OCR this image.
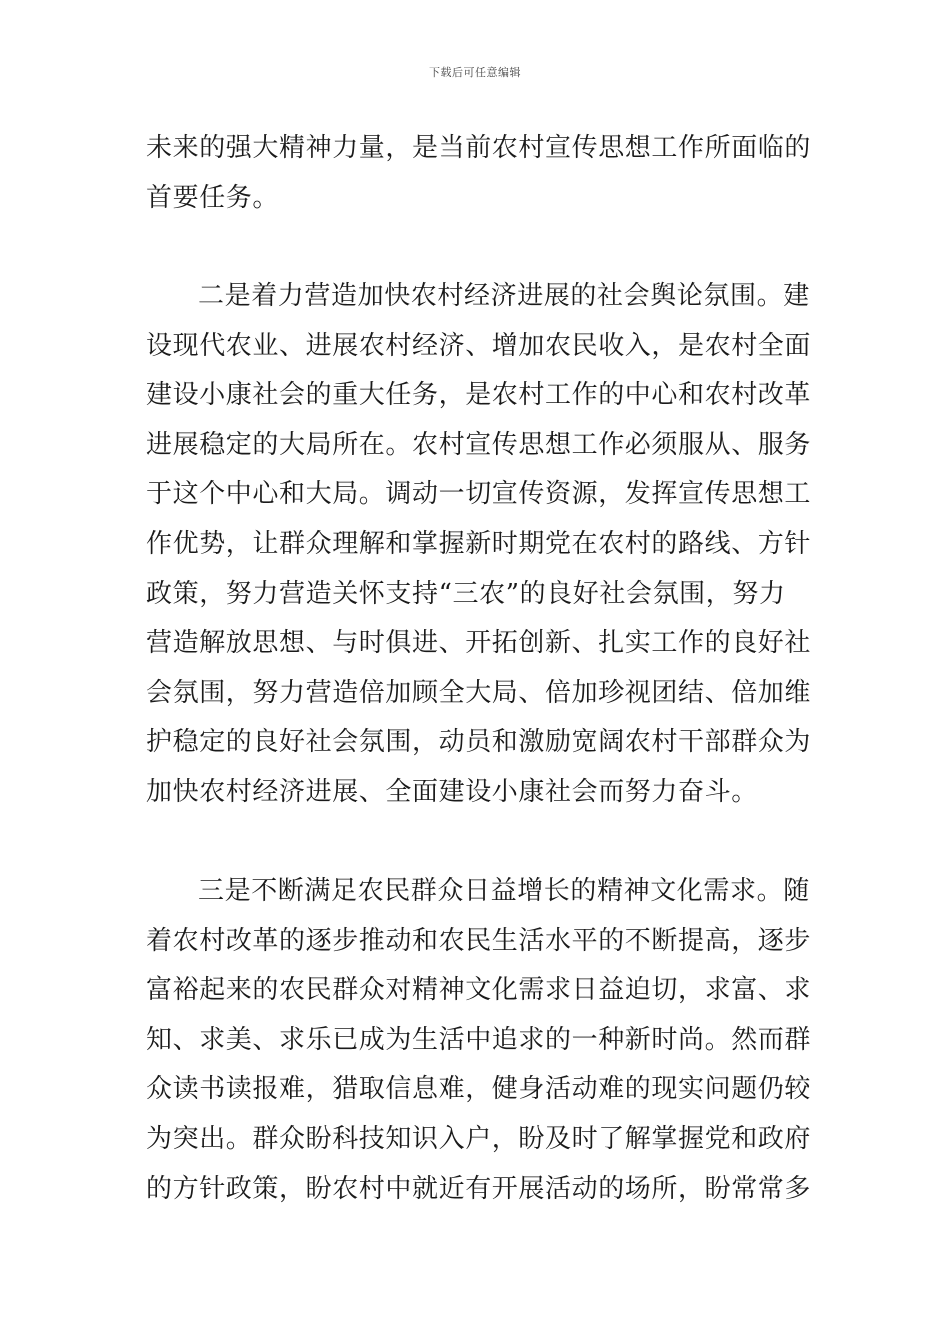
下载后可任意编辑
未来的强大精神力量，是当前农村宣传思想工作所面临的
首要任务。
二是着力营造加快农村经济进展的社会舆论氛围。建
设现代农业、进展农村经济、增加农民收入，是农村全面
建设小康社会的重大任务，是农村工作的中心和农村改革
进展稳定的大局所在。农村宣传思想工作必须服从、服务
于这个中心和大局。调动一切宣传资源，发挥宣传思想工
作优势，让群众理解和掌握新时期党在农村的路线、方针
政策，努力营造关怀支持“三农”的良好社会氛围，努力
营造解放思想、与时俱进、开拓创新、扎实工作的良好社
会氛围，努力营造倍加顾全大局、倍加珍视团结、倍加维
护稳定的良好社会氛围，动员和激励宽阔农村干部群众为
加快农村经济进展、全面建设小康社会而努力奋斗。
三是不断满足农民群众日益增长的精神文化需求。随
着农村改革的逐步推动和农民生活水平的不断提高，逐步
富裕起来的农民群众对精神文化需求日益迫切，求富、求
知、求美、求乐已成为生活中追求的一种新时尚。然而群
众读书读报难，猎取信息难，健身活动难的现实问题仍较
为突出。群众盼科技知识入户，盼及时了解掌握党和政府
的方针政策，盼农村中就近有开展活动的场所，盼常常多
